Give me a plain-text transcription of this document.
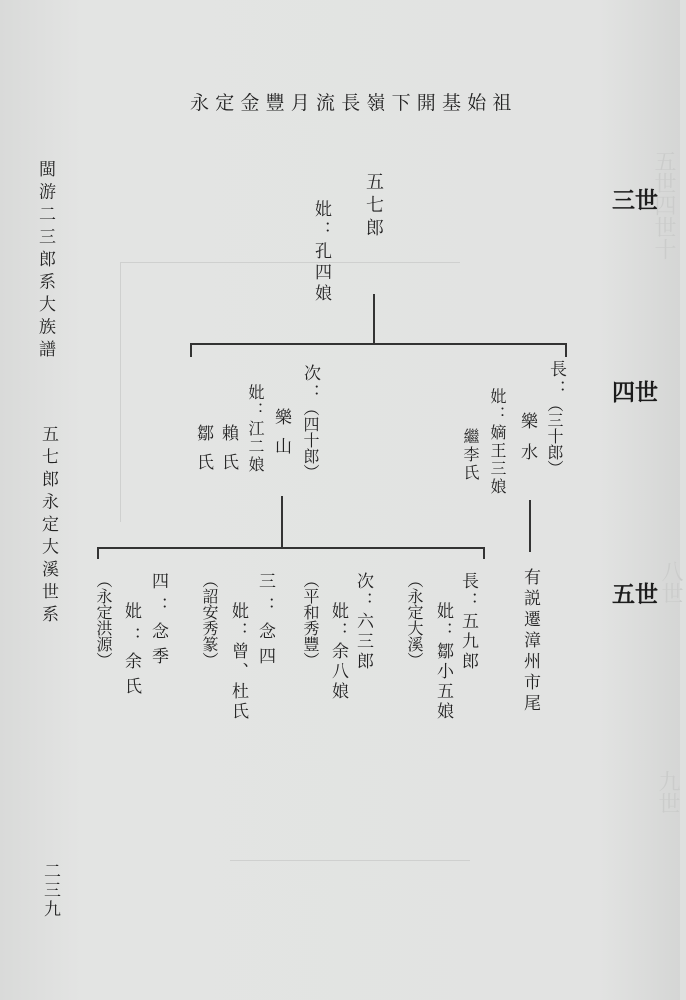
五世四世十
八世
九世
永定金豐月流長嶺下開基始祖
閩游二三郎系大族譜
五七郎永定大溪世系
二三九
三世
四世
五世
五七郎
妣：孔四娘
長：
（三十郎）
樂水
妣：嫡王三娘
繼李氏
有説遷漳州市尾
次：
（四十郎）
樂山
妣：江二娘
賴氏
鄒氏
長：五九郎
妣：鄒小五娘
（永定大溪）
次：六三郎
妣：余八娘
（平和秀豐）
三：念四
妣：曾、杜氏
（詔安秀篆）
四：念季
妣：余氏
（永定洪源）
